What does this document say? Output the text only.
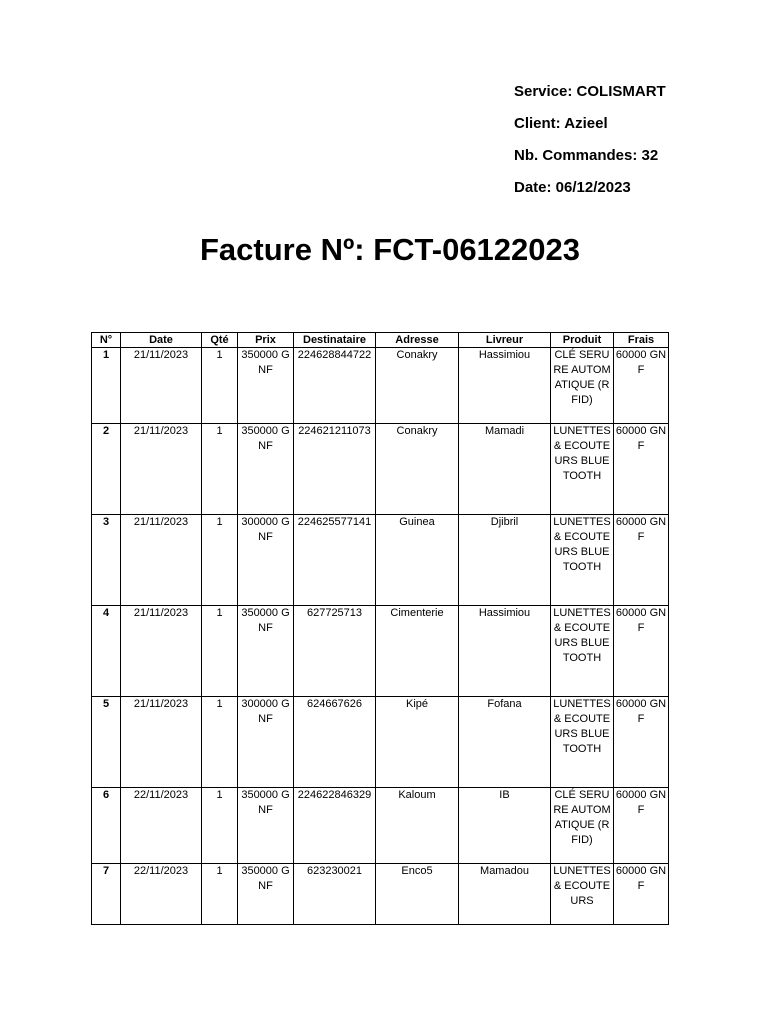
Service: COLISMART
Client: Azieel
Nb. Commandes: 32
Date: 06/12/2023
Facture Nº: FCT-06122023
N°	Date	Qté	Prix	Destinataire	Adresse	Livreur	Produit	Frais
1	21/11/2023	1	350000 GNF	224628844722	Conakry	Hassimiou	CLÉ SERURE AUTOMATIQUE (RFID)	60000 GNF
2	21/11/2023	1	350000 GNF	224621211073	Conakry	Mamadi	LUNETTES & ECOUTEURS BLUETOOTH	60000 GNF
3	21/11/2023	1	300000 GNF	224625577141	Guinea	Djibril	LUNETTES & ECOUTEURS BLUETOOTH	60000 GNF
4	21/11/2023	1	350000 GNF	627725713	Cimenterie	Hassimiou	LUNETTES & ECOUTEURS BLUETOOTH	60000 GNF
5	21/11/2023	1	300000 GNF	624667626	Kipé	Fofana	LUNETTES & ECOUTEURS BLUETOOTH	60000 GNF
6	22/11/2023	1	350000 GNF	224622846329	Kaloum	IB	CLÉ SERURE AUTOMATIQUE (RFID)	60000 GNF
7	22/11/2023	1	350000 GNF	623230021	Enco5	Mamadou	LUNETTES & ECOUTEURS	60000 GNF
